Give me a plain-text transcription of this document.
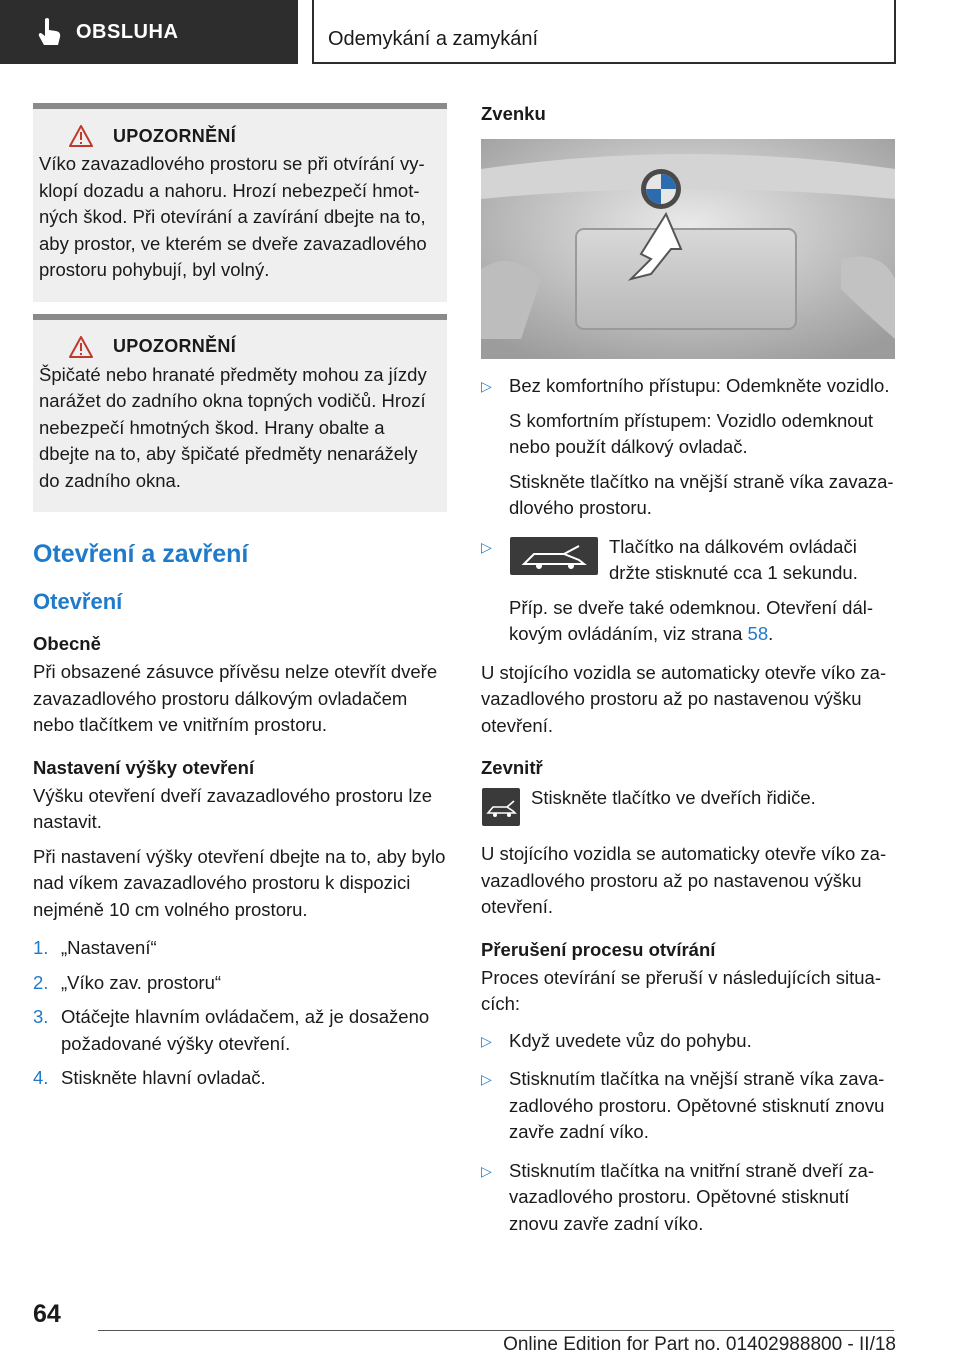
OBSLUHA	Odemykání a zamykání
UPOZORNĚNÍ

Víko zavazadlového prostoru se při otvírání vyklopí dozadu a nahoru. Hrozí nebezpečí hmotných škod. Při otevírání a zavírání dbejte na to, aby prostor, ve kterém se dveře zavazadlového prostoru pohybují, byl volný.

UPOZORNĚNÍ

Špičaté nebo hranaté předměty mohou za jízdy narážet do zadního okna topných vodičů. Hrozí nebezpečí hmotných škod. Hrany obalte a dbejte na to, aby špičaté předměty nenarážely do zadního okna.

Otevření a zavření
Otevření
Obecně

Při obsazené zásuvce přívěsu nelze otevřít dveře zavazadlového prostoru dálkovým ovladačem nebo tlačítkem ve vnitřním prostoru.

Nastavení výšky otevření

Výšku otevření dveří zavazadlového prostoru lze nastavit.

Při nastavení výšky otevření dbejte na to, aby bylo nad víkem zavazadlového prostoru k dispozici nejméně 10 cm volného prostoru.

1. „Nastavení“
2. „Víko zav. prostoru“
3. Otáčejte hlavním ovládačem, až je dosaženo požadované výšky otevření.
4. Stiskněte hlavní ovladač.
Zvenku
▷ Bez komfortního přístupu: Odemkněte vozidlo.

S komfortním přístupem: Vozidlo odemknout nebo použít dálkový ovladač.

Stiskněte tlačítko na vnější straně víka zavazadlového prostoru.

▷	Tlačítko na dálkovém ovládači držte stisknuté cca 1 sekundu.

Příp. se dveře také odemknou. Otevření dálkovým ovládáním, viz strana 58.

U stojícího vozidla se automaticky otevře víko zavazadlového prostoru až po nastavenou výšku otevření.

Zevnitř

Stiskněte tlačítko ve dveřích řidiče.

U stojícího vozidla se automaticky otevře víko zavazadlového prostoru až po nastavenou výšku otevření.

Přerušení procesu otvírání

Proces otevírání se přeruší v následujících situacích:

▷ Když uvedete vůz do pohybu.

▷ Stisknutím tlačítka na vnější straně víka zavazadlového prostoru. Opětovné stisknutí znovu zavře zadní víko.

▷ Stisknutím tlačítka na vnitřní straně dveří zavazadlového prostoru. Opětovné stisknutí znovu zavře zadní víko.

64
Online Edition for Part no. 01402988800 - II/18
